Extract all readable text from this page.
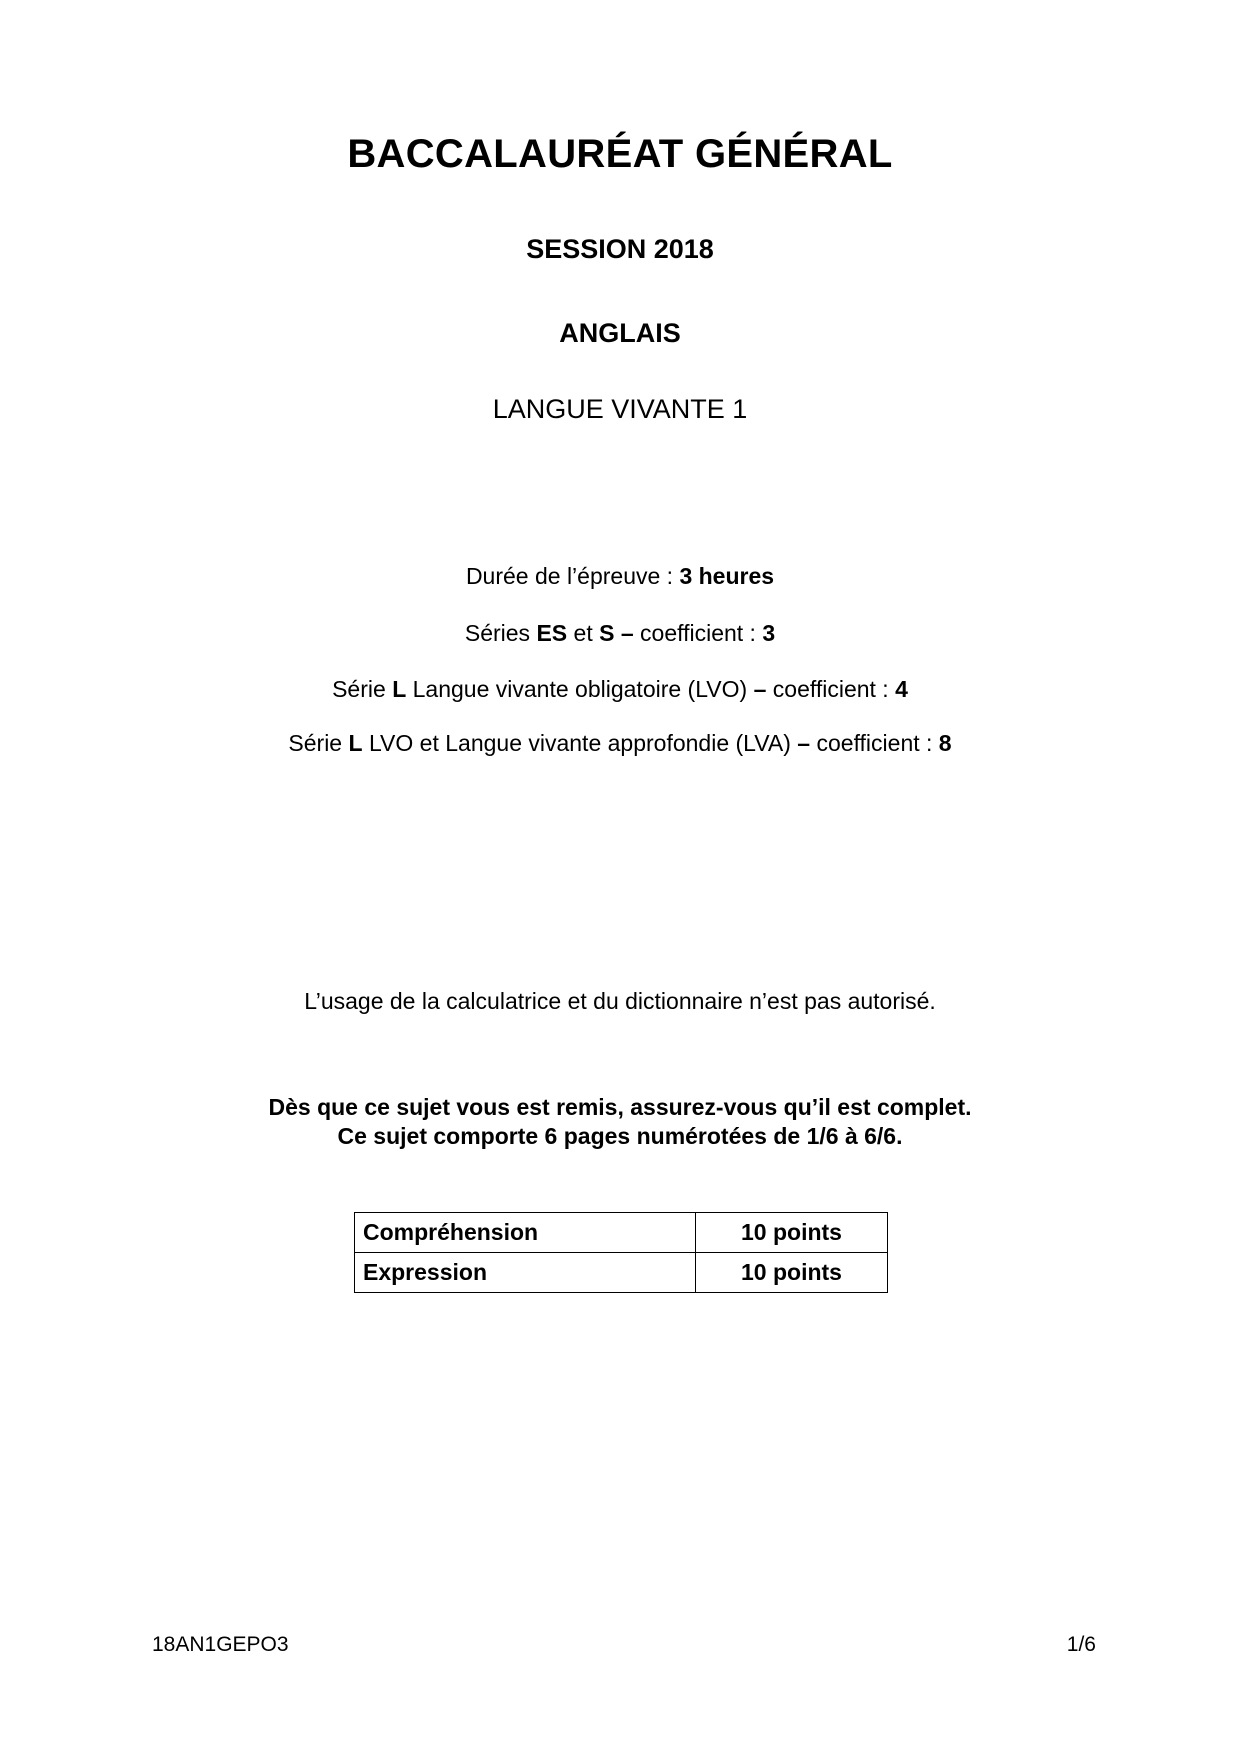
BACCALAURÉAT GÉNÉRAL
SESSION 2018
ANGLAIS
LANGUE VIVANTE 1
Durée de l’épreuve : 3 heures
Séries ES et S – coefficient : 3
Série L Langue vivante obligatoire (LVO) – coefficient : 4
Série L LVO et Langue vivante approfondie (LVA) – coefficient : 8
L’usage de la calculatrice et du dictionnaire n’est pas autorisé.
Dès que ce sujet vous est remis, assurez-vous qu’il est complet.
Ce sujet comporte 6 pages numérotées de 1/6 à 6/6.
Compréhension	10 points
Expression	10 points
18AN1GEPO3	1/6
